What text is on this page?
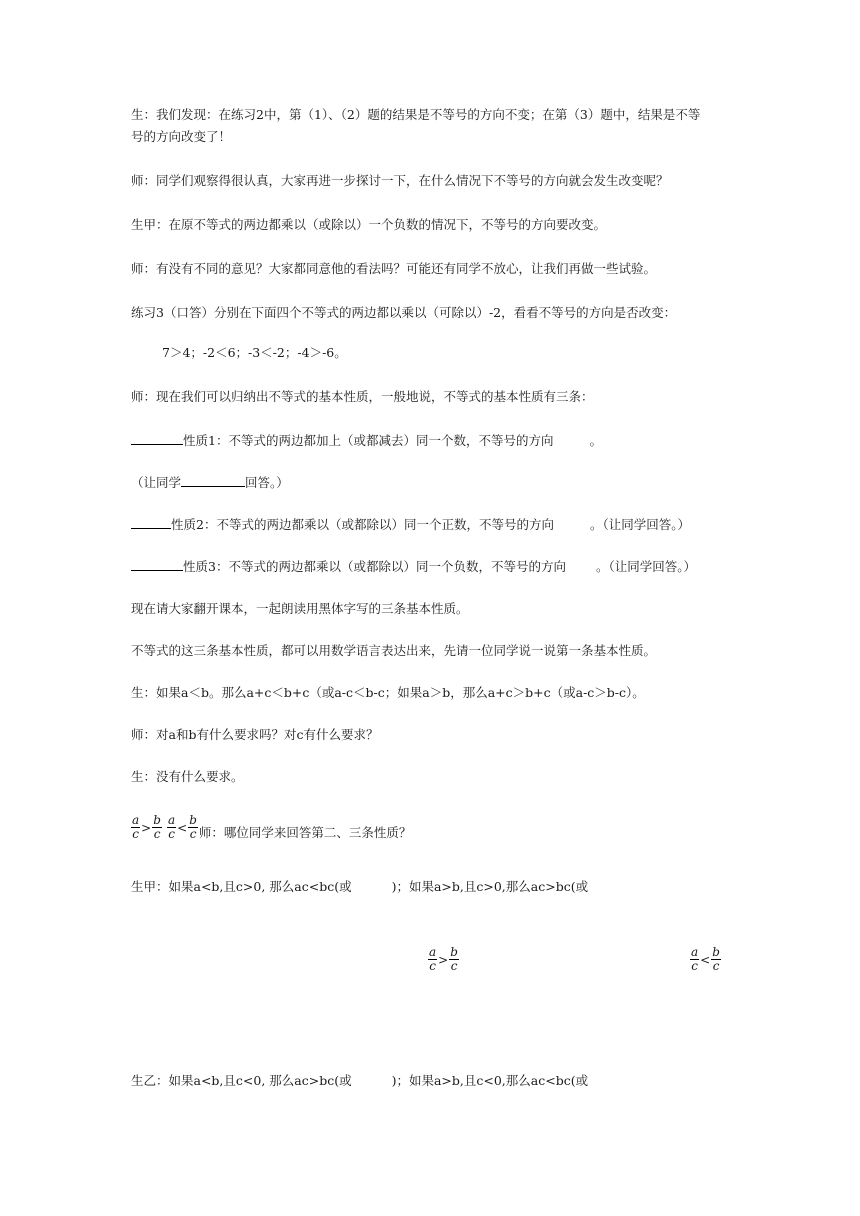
生：我们发现：在练习2中，第（1）、（2）题的结果是不等号的方向不变；在第（3）题中，结果是不等
号的方向改变了！
师：同学们观察得很认真，大家再进一步探讨一下，在什么情况下不等号的方向就会发生改变呢？
生甲：在原不等式的两边都乘以（或除以）一个负数的情况下，不等号的方向要改变。
师：有没有不同的意见？大家都同意他的看法吗？可能还有同学不放心，让我们再做一些试验。
练习3（口答）分别在下面四个不等式的两边都以乘以（可除以）-2，看看不等号的方向是否改变：
7＞4；-2＜6；-3＜-2；-4＞-6。
师：现在我们可以归纳出不等式的基本性质，一般地说，不等式的基本性质有三条：
性质1：不等式的两边都加上（或都减去）同一个数，不等号的方向	。
（让同学	回答。）
性质2：不等式的两边都乘以（或都除以）同一个正数，不等号的方向	。（让同学回答。）
性质3：不等式的两边都乘以（或都除以）同一个负数，不等号的方向 。（让同学回答。）
现在请大家翻开课本，一起朗读用黑体字写的三条基本性质。
不等式的这三条基本性质，都可以用数学语言表达出来，先请一位同学说一说第一条基本性质。
生：如果a＜b。那么a+c＜b+c（或a-c＜b-c；如果a＞b，那么a+c＞b+c（或a-c＞b-c）。
师：对a和b有什么要求吗？对c有什么要求？
生：没有什么要求。
$\frac{a}{c} > \frac{b}{c}$
$\frac{a}{c} < \frac{b}{c}$ 师：哪位同学来回答第二、三条性质？
生甲：如果a<b,且c>0, 那么ac<bc(或	)；如果a>b,且c>0,那么ac>bc(或
$\frac{a}{c} > \frac{b}{c}$	$\frac{a}{c} < \frac{b}{c}$
生乙：如果a<b,且c<0, 那么ac>bc(或	)；如果a>b,且c<0,那么ac<bc(或
